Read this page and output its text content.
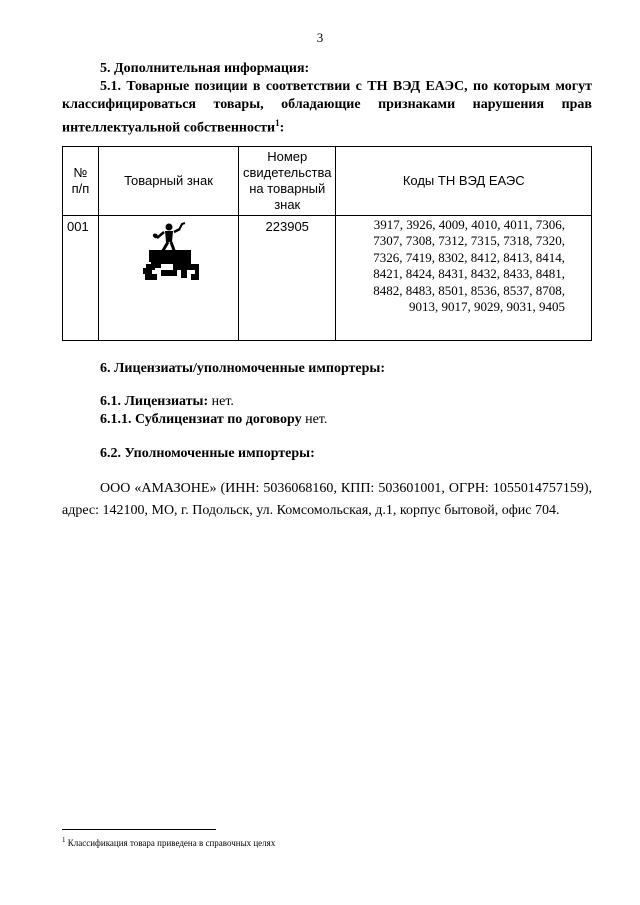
3
5. Дополнительная информация:

5.1. Товарные позиции в соответствии с ТН ВЭД ЕАЭС, по которым могут классифицироваться товары, обладающие признаками нарушения прав интеллектуальной собственности$^1$:

№ п/п	Товарный знак	Номер свидетельства на товарный знак	Коды ТН ВЭД ЕАЭС
001		223905	3917, 3926, 4009, 4010, 4011, 7306, 7307, 7308, 7312, 7315, 7318, 7320, 7326, 7419, 8302, 8412, 8413, 8414, 8421, 8424, 8431, 8432, 8433, 8481, 8482, 8483, 8501, 8536, 8537, 8708, 9013, 9017, 9029, 9031, 9405
6. Лицензиаты/уполномоченные импортеры:
6.1. Лицензиаты: нет.
6.1.1. Сублицензиат по договору нет.
6.2. Уполномоченные импортеры:

ООО «АМАЗОНЕ» (ИНН: 5036068160, КПП: 503601001, ОГРН: 1055014757159), адрес: 142100, МО, г. Подольск, ул. Комсомольская, д.1, корпус бытовой, офис 704.

$^1$ Классификация товара приведена в справочных целях
